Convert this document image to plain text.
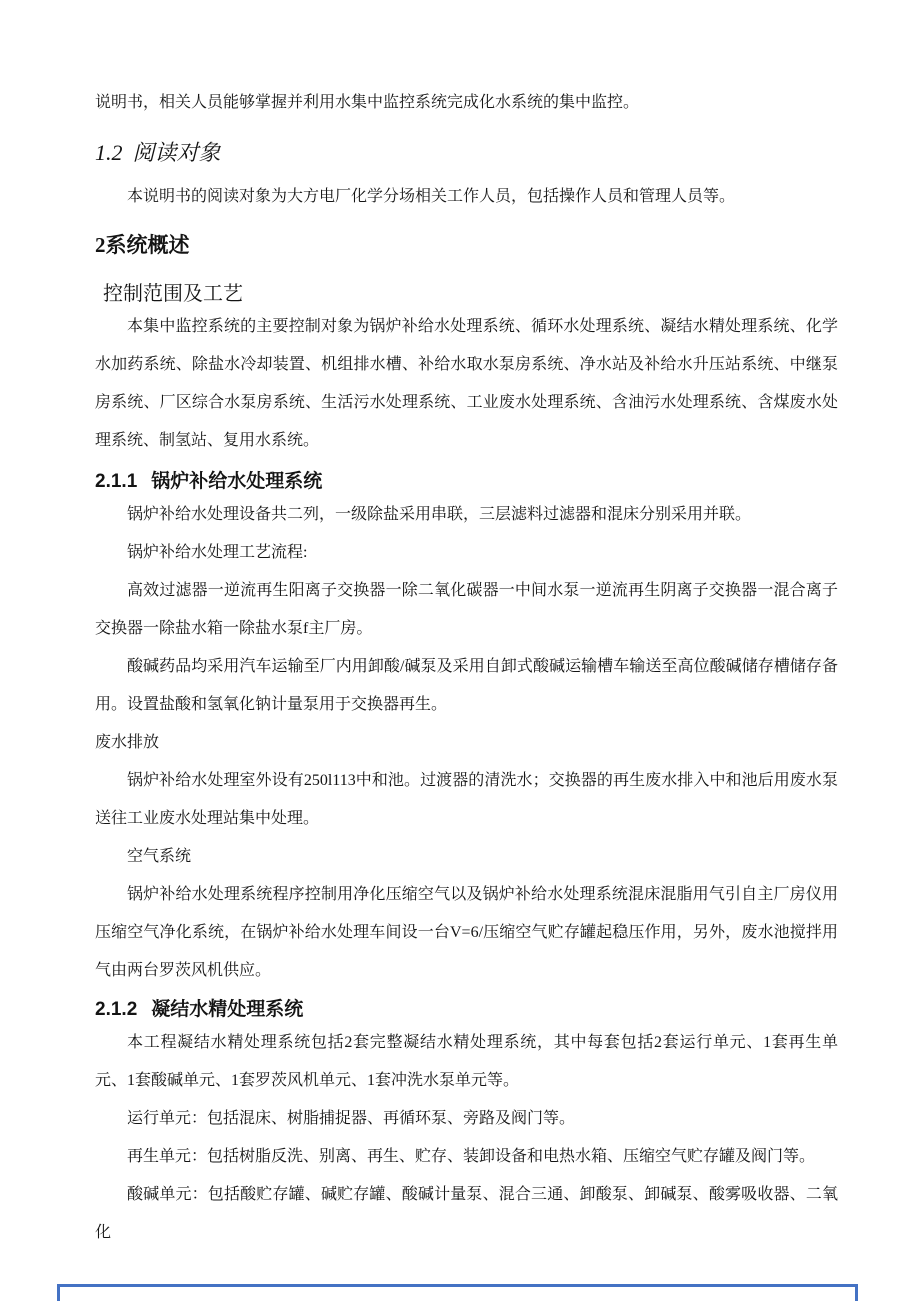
说明书，相关人员能够掌握并利用水集中监控系统完成化水系统的集中监控。

1.2 阅读对象

本说明书的阅读对象为大方电厂化学分场相关工作人员，包括操作人员和管理人员等。

2系统概述
控制范围及工艺

本集中监控系统的主要控制对象为锅炉补给水处理系统、循环水处理系统、凝结水精处理系统、化学水加药系统、除盐水冷却装置、机组排水槽、补给水取水泵房系统、净水站及补给水升压站系统、中继泵房系统、厂区综合水泵房系统、生活污水处理系统、工业废水处理系统、含油污水处理系统、含煤废水处理系统、制氢站、复用水系统。

2.1.1 锅炉补给水处理系统

锅炉补给水处理设备共二列，一级除盐采用串联，三层滤料过滤器和混床分别采用并联。

锅炉补给水处理工艺流程:

高效过滤器一逆流再生阳离子交换器一除二氧化碳器一中间水泵一逆流再生阴离子交换器一混合离子交换器一除盐水箱一除盐水泵f主厂房。

酸碱药品均采用汽车运输至厂内用卸酸/碱泵及采用自卸式酸碱运输槽车输送至高位酸碱储存槽储存备用。设置盐酸和氢氧化钠计量泵用于交换器再生。

废水排放

锅炉补给水处理室外设有250l113中和池。过渡器的清洗水；交换器的再生废水排入中和池后用废水泵送往工业废水处理站集中处理。

空气系统

锅炉补给水处理系统程序控制用净化压缩空气以及锅炉补给水处理系统混床混脂用气引自主厂房仪用压缩空气净化系统，在锅炉补给水处理车间设一台V=6/压缩空气贮存罐起稳压作用，另外，废水池搅拌用气由两台罗茨风机供应。

2.1.2 凝结水精处理系统

本工程凝结水精处理系统包括2套完整凝结水精处理系统，其中每套包括2套运行单元、1套再生单元、1套酸碱单元、1套罗茨风机单元、1套冲洗水泵单元等。

运行单元：包括混床、树脂捕捉器、再循环泵、旁路及阀门等。

再生单元：包括树脂反洗、别离、再生、贮存、装卸设备和电热水箱、压缩空气贮存罐及阀门等。

酸碱单元：包括酸贮存罐、碱贮存罐、酸碱计量泵、混合三通、卸酸泵、卸碱泵、酸雾吸收器、二氧化
